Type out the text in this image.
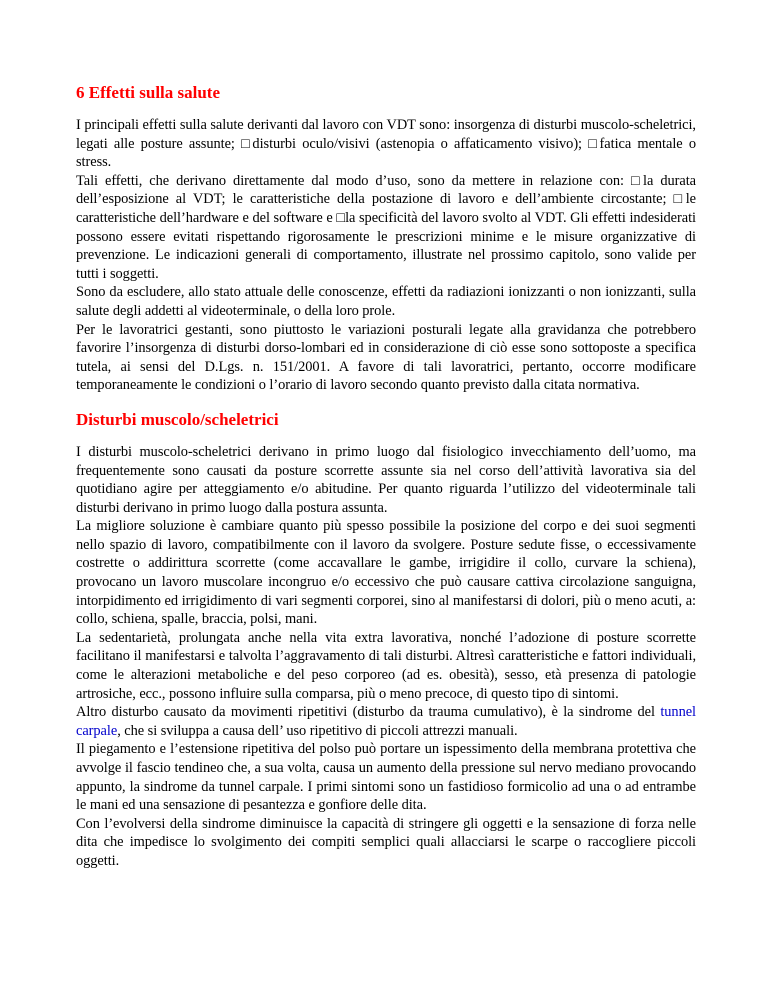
6 Effetti sulla salute

I principali effetti sulla salute derivanti dal lavoro con VDT sono: insorgenza di disturbi muscolo-scheletrici, legati alle posture assunte; □disturbi oculo/visivi (astenopia o affaticamento visivo); □fatica mentale o stress.

Tali effetti, che derivano direttamente dal modo d’uso, sono da mettere in relazione con: □la durata dell’esposizione al VDT; le caratteristiche della postazione di lavoro e dell’ambiente circostante; □le caratteristiche dell’hardware e del software e □la specificità del lavoro svolto al VDT. Gli effetti indesiderati possono essere evitati rispettando rigorosamente le prescrizioni minime e le misure organizzative di prevenzione. Le indicazioni generali di comportamento, illustrate nel prossimo capitolo, sono valide per tutti i soggetti.

Sono da escludere, allo stato attuale delle conoscenze, effetti da radiazioni ionizzanti o non ionizzanti, sulla salute degli addetti al videoterminale, o della loro prole.

Per le lavoratrici gestanti, sono piuttosto le variazioni posturali legate alla gravidanza che potrebbero favorire l’insorgenza di disturbi dorso-lombari ed in considerazione di ciò esse sono sottoposte a specifica tutela, ai sensi del D.Lgs. n. 151/2001. A favore di tali lavoratrici, pertanto, occorre modificare temporaneamente le condizioni o l’orario di lavoro secondo quanto previsto dalla citata normativa.

Disturbi muscolo/scheletrici

I disturbi muscolo-scheletrici derivano in primo luogo dal fisiologico invecchiamento dell’uomo, ma frequentemente sono causati da posture scorrette assunte sia nel corso dell’attività lavorativa sia del quotidiano agire per atteggiamento e/o abitudine. Per quanto riguarda l’utilizzo del videoterminale tali disturbi derivano in primo luogo dalla postura assunta.

La migliore soluzione è cambiare quanto più spesso possibile la posizione del corpo e dei suoi segmenti nello spazio di lavoro, compatibilmente con il lavoro da svolgere. Posture sedute fisse, o eccessivamente costrette o addirittura scorrette (come accavallare le gambe, irrigidire il collo, curvare la schiena), provocano un lavoro muscolare incongruo e/o eccessivo che può causare cattiva circolazione sanguigna, intorpidimento ed irrigidimento di vari segmenti corporei, sino al manifestarsi di dolori, più o meno acuti, a: collo, schiena, spalle, braccia, polsi, mani.

La sedentarietà, prolungata anche nella vita extra lavorativa, nonché l’adozione di posture scorrette facilitano il manifestarsi e talvolta l’aggravamento di tali disturbi. Altresì caratteristiche e fattori individuali, come le alterazioni metaboliche e del peso corporeo (ad es. obesità), sesso, età presenza di patologie artrosiche, ecc., possono influire sulla comparsa, più o meno precoce, di questo tipo di sintomi.

Altro disturbo causato da movimenti ripetitivi (disturbo da trauma cumulativo), è la sindrome del tunnel carpale, che si sviluppa a causa dell’ uso ripetitivo di piccoli attrezzi manuali.

Il piegamento e l’estensione ripetitiva del polso può portare un ispessimento della membrana protettiva che avvolge il fascio tendineo che, a sua volta, causa un aumento della pressione sul nervo mediano provocando appunto, la sindrome da tunnel carpale. I primi sintomi sono un fastidioso formicolio ad una o ad entrambe le mani ed una sensazione di pesantezza e gonfiore delle dita.

Con l’evolversi della sindrome diminuisce la capacità di stringere gli oggetti e la sensazione di forza nelle dita che impedisce lo svolgimento dei compiti semplici quali allacciarsi le scarpe o raccogliere piccoli oggetti.
